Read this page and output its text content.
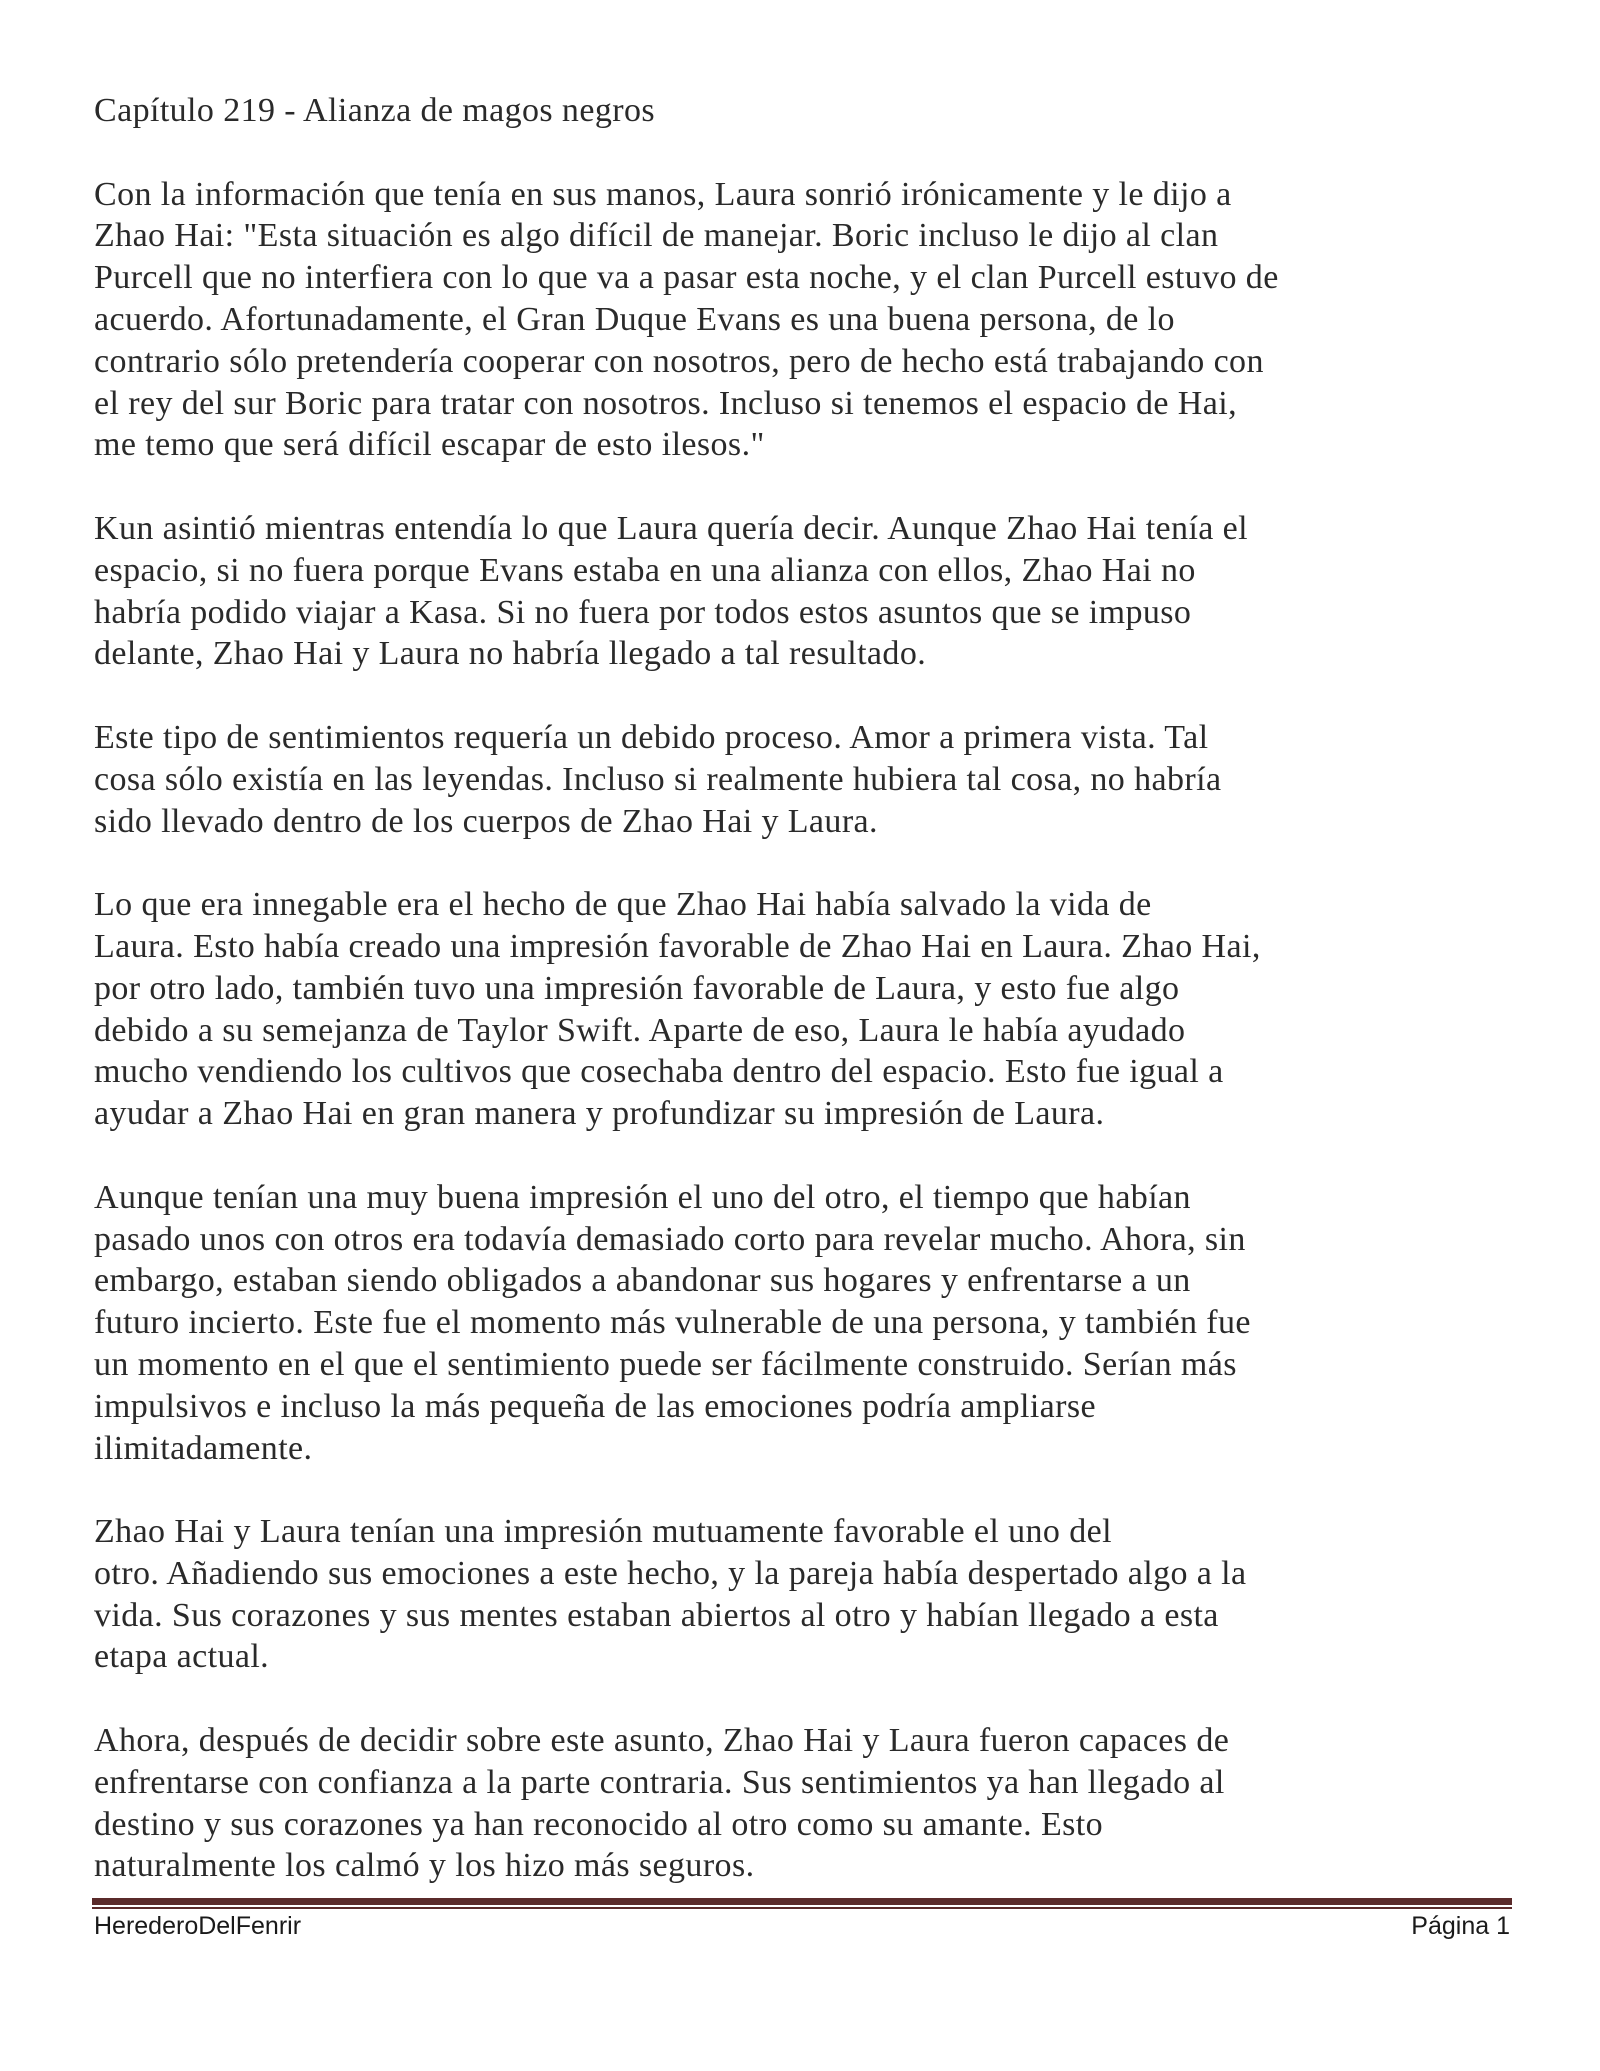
Capítulo 219 - Alianza de magos negros
Con la información que tenía en sus manos, Laura sonrió irónicamente y le dijo a
Zhao Hai: "Esta situación es algo difícil de manejar. Boric incluso le dijo al clan
Purcell que no interfiera con lo que va a pasar esta noche, y el clan Purcell estuvo de
acuerdo. Afortunadamente, el Gran Duque Evans es una buena persona, de lo
contrario sólo pretendería cooperar con nosotros, pero de hecho está trabajando con
el rey del sur Boric para tratar con nosotros. Incluso si tenemos el espacio de Hai,
me temo que será difícil escapar de esto ilesos."
Kun asintió mientras entendía lo que Laura quería decir. Aunque Zhao Hai tenía el
espacio, si no fuera porque Evans estaba en una alianza con ellos, Zhao Hai no
habría podido viajar a Kasa. Si no fuera por todos estos asuntos que se impuso
delante, Zhao Hai y Laura no habría llegado a tal resultado.
Este tipo de sentimientos requería un debido proceso. Amor a primera vista. Tal
cosa sólo existía en las leyendas. Incluso si realmente hubiera tal cosa, no habría
sido llevado dentro de los cuerpos de Zhao Hai y Laura.
Lo que era innegable era el hecho de que Zhao Hai había salvado la vida de
Laura. Esto había creado una impresión favorable de Zhao Hai en Laura. Zhao Hai,
por otro lado, también tuvo una impresión favorable de Laura, y esto fue algo
debido a su semejanza de Taylor Swift. Aparte de eso, Laura le había ayudado
mucho vendiendo los cultivos que cosechaba dentro del espacio. Esto fue igual a
ayudar a Zhao Hai en gran manera y profundizar su impresión de Laura.
Aunque tenían una muy buena impresión el uno del otro, el tiempo que habían
pasado unos con otros era todavía demasiado corto para revelar mucho. Ahora, sin
embargo, estaban siendo obligados a abandonar sus hogares y enfrentarse a un
futuro incierto. Este fue el momento más vulnerable de una persona, y también fue
un momento en el que el sentimiento puede ser fácilmente construido. Serían más
impulsivos e incluso la más pequeña de las emociones podría ampliarse
ilimitadamente.
Zhao Hai y Laura tenían una impresión mutuamente favorable el uno del
otro. Añadiendo sus emociones a este hecho, y la pareja había despertado algo a la
vida. Sus corazones y sus mentes estaban abiertos al otro y habían llegado a esta
etapa actual.
Ahora, después de decidir sobre este asunto, Zhao Hai y Laura fueron capaces de
enfrentarse con confianza a la parte contraria. Sus sentimientos ya han llegado al
destino y sus corazones ya han reconocido al otro como su amante. Esto
naturalmente los calmó y los hizo más seguros.
HerederoDelFenrir	Página 1
